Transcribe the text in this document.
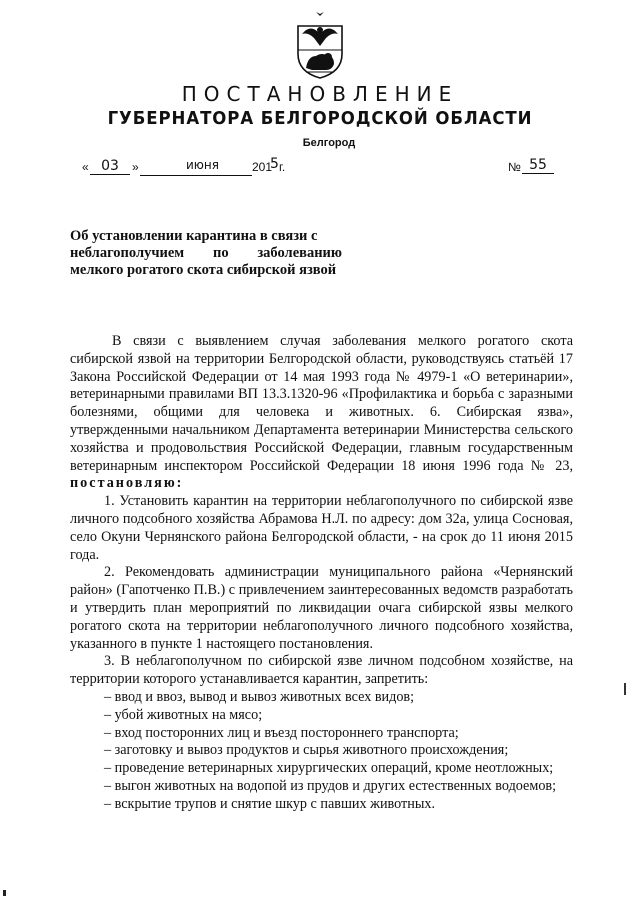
ПОСТАНОВЛЕНИЕ
ГУБЕРНАТОРА БЕЛГОРОДСКОЙ ОБЛАСТИ
Белгород
« 03	»	июня	201
5 г.	№ 55
Об установлении карантина в связи с
неблагополучием по заболеванию
мелкого рогатого скота сибирской язвой

В связи с выявлением случая заболевания мелкого рогатого скота сибирской язвой на территории Белгородской области, руководствуясь статьёй 17 Закона Российской Федерации от 14 мая 1993 года № 4979-1 «О ветеринарии», ветеринарными правилами ВП 13.3.1320-96 «Профилактика и борьба с заразными болезнями, общими для человека и животных. 6. Сибирская язва», утвержденными начальником Департамента ветеринарии Министерства сельского хозяйства и продовольствия Российской Федерации, главным государственным ветеринарным инспектором Российской Федерации 18 июня 1996 года № 23, постановляю:

1. Установить карантин на территории неблагополучного по сибирской язве личного подсобного хозяйства Абрамова Н.Л. по адресу: дом 32а, улица Сосновая, село Окуни Чернянского района Белгородской области, - на срок до 11 июня 2015 года.

2. Рекомендовать администрации муниципального района «Чернянский район» (Гапотченко П.В.) с привлечением заинтересованных ведомств разработать и утвердить план мероприятий по ликвидации очага сибирской язвы мелкого рогатого скота на территории неблагополучного личного подсобного хозяйства, указанного в пункте 1 настоящего постановления.

3. В неблагополучном по сибирской язве личном подсобном хозяйстве, на территории которого устанавливается карантин, запретить:

– ввод и ввоз, вывод и вывоз животных всех видов;

– убой животных на мясо;

– вход посторонних лиц и въезд постороннего транспорта;

– заготовку и вывоз продуктов и сырья животного происхождения;

– проведение ветеринарных хирургических операций, кроме неотложных;

– выгон животных на водопой из прудов и других естественных водоемов;

– вскрытие трупов и снятие шкур с павших животных.
